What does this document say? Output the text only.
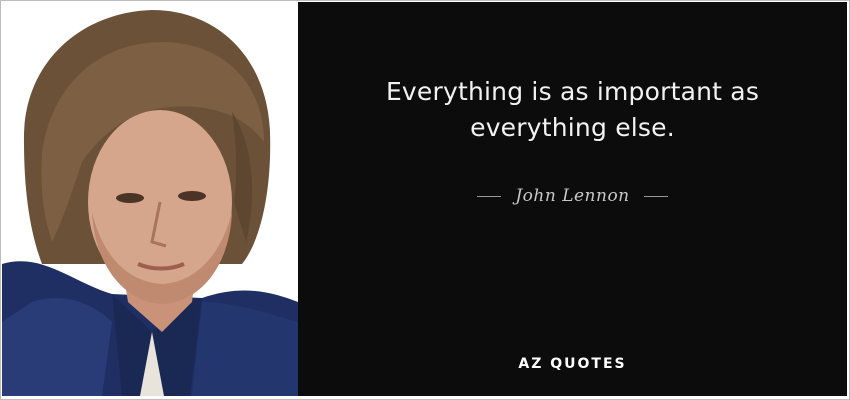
Everything is as important as everything else.
John Lennon
AZ QUOTES
